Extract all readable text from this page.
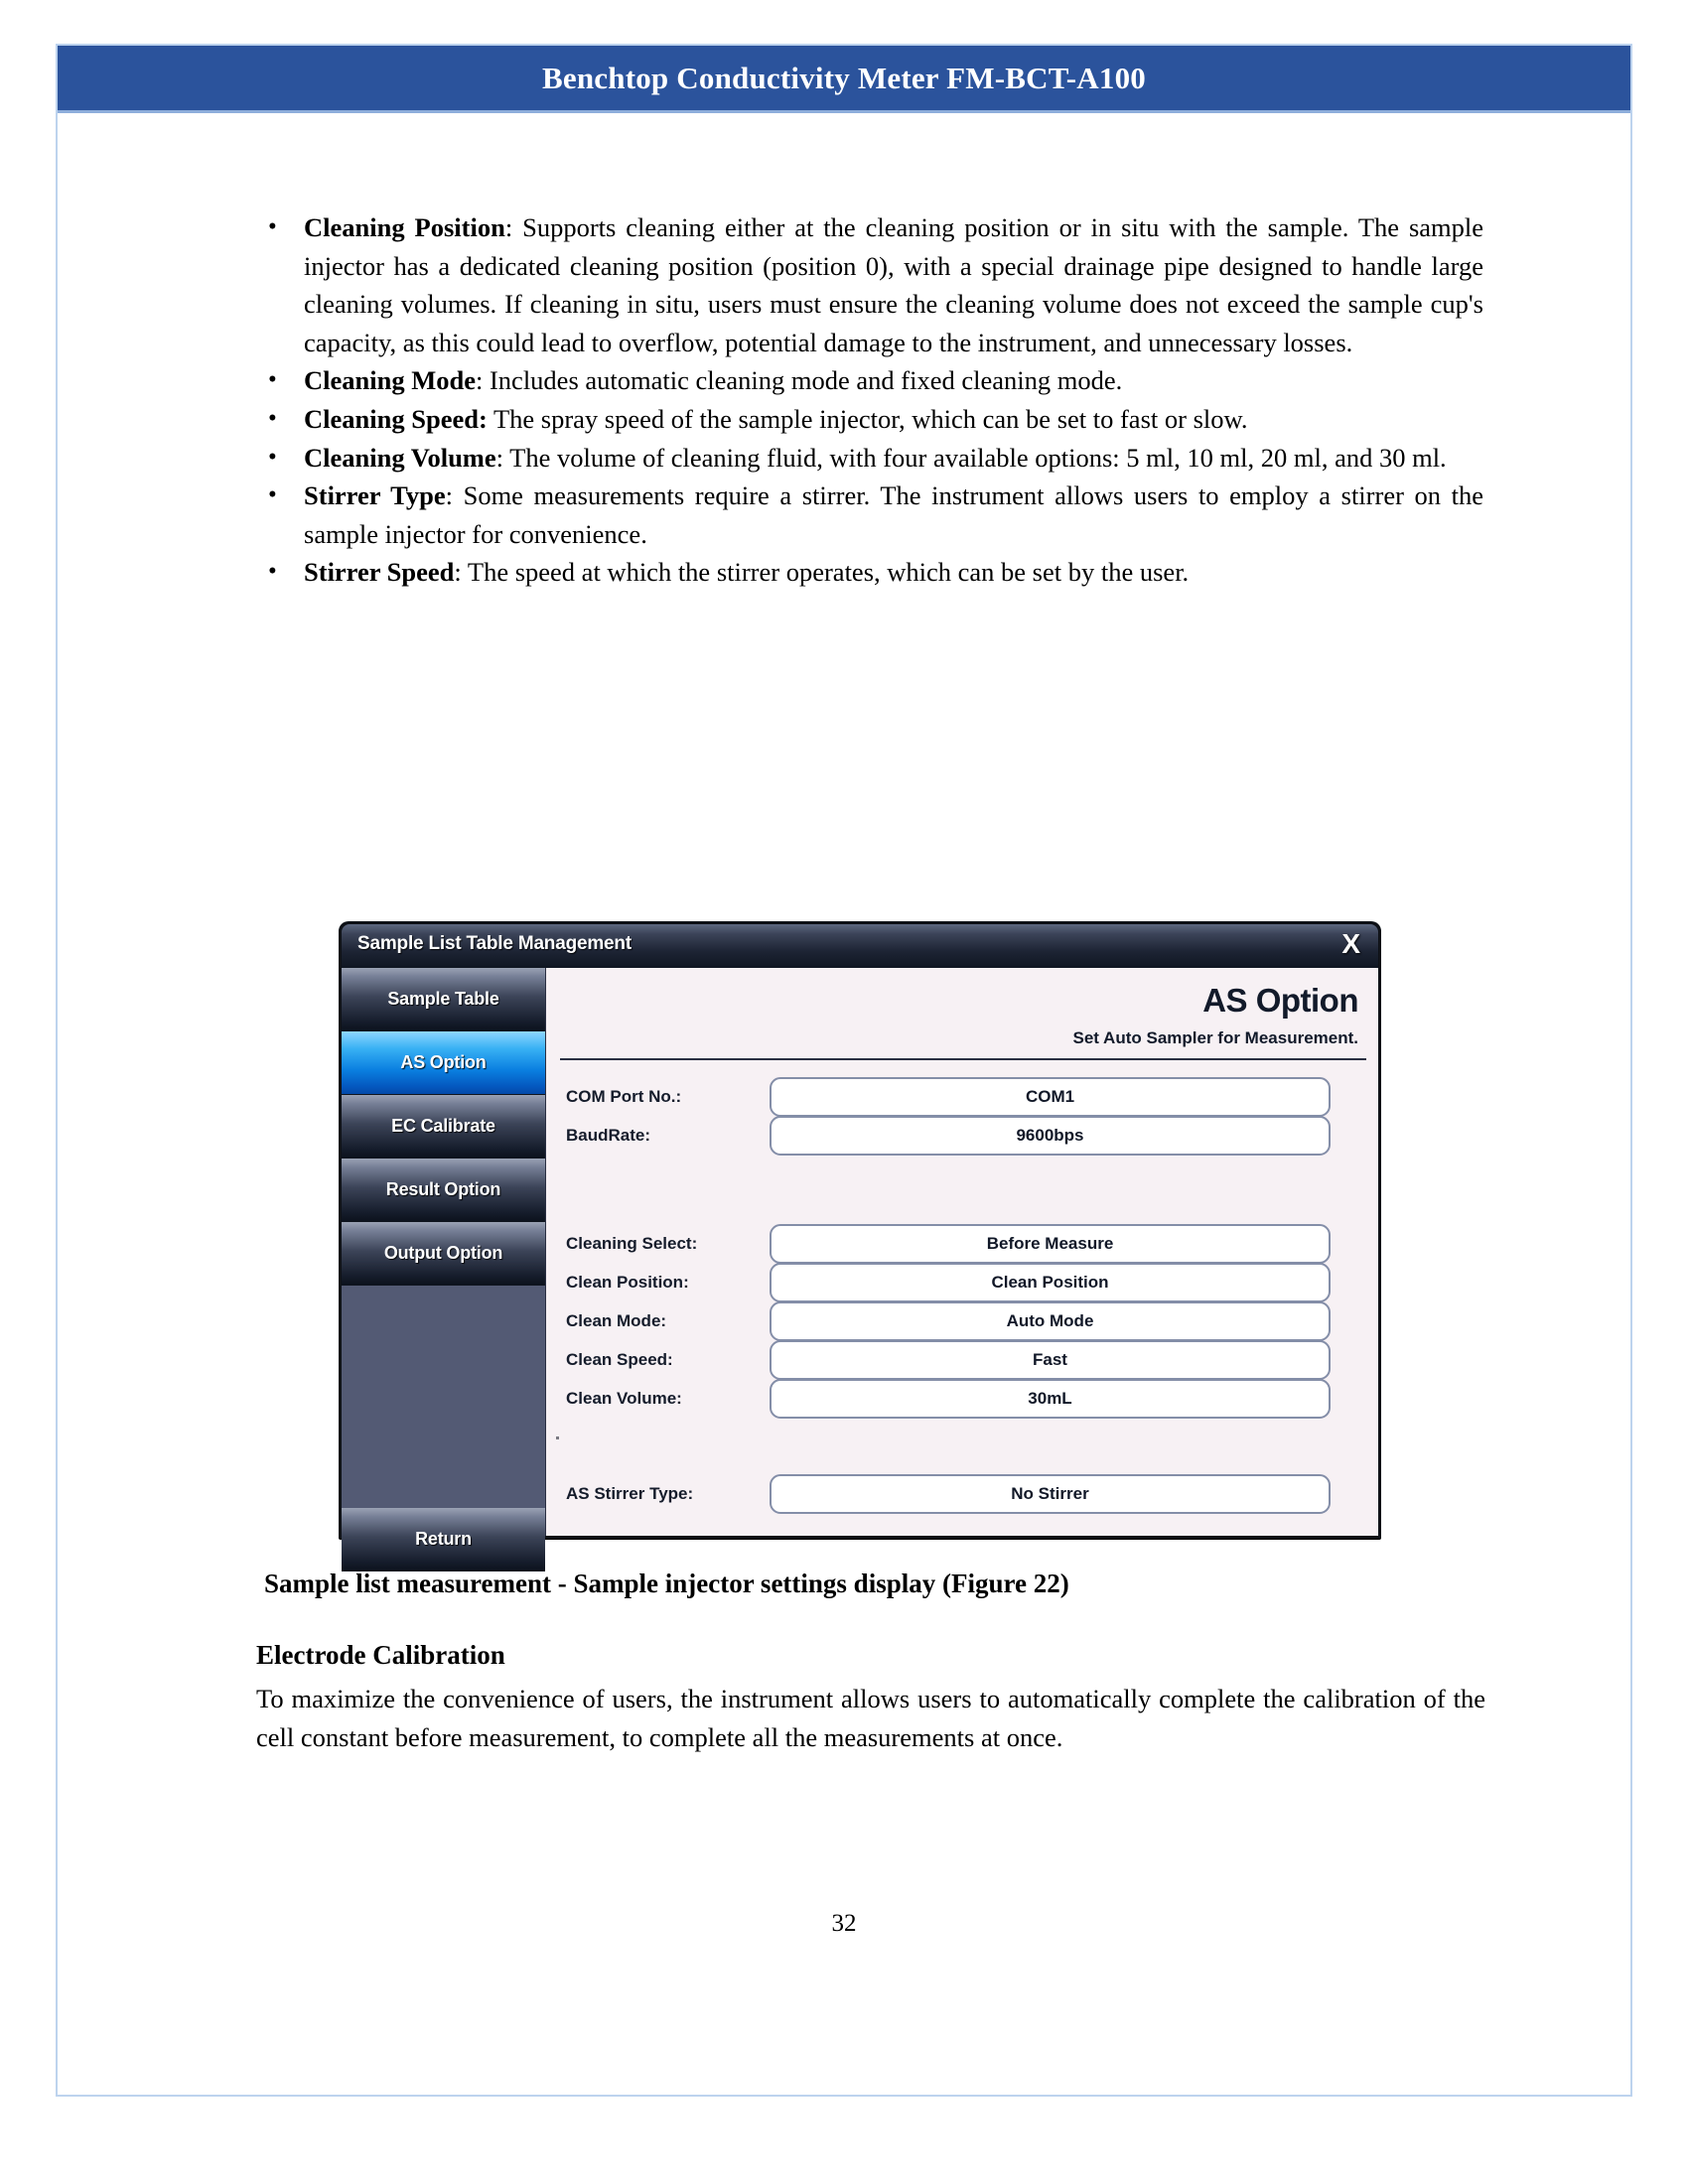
Benchtop Conductivity Meter FM-BCT-A100
•	Cleaning Position: Supports cleaning either at the cleaning position or in situ with the sample. The sample injector has a dedicated cleaning position (position 0), with a special drainage pipe designed to handle large cleaning volumes. If cleaning in situ, users must ensure the cleaning volume does not exceed the sample cup's capacity, as this could lead to overflow, potential damage to the instrument, and unnecessary losses.
•	Cleaning Mode: Includes automatic cleaning mode and fixed cleaning mode.
•	Cleaning Speed: The spray speed of the sample injector, which can be set to fast or slow.
•	Cleaning Volume: The volume of cleaning fluid, with four available options: 5 ml, 10 ml, 20 ml, and 30 ml.
•	Stirrer Type: Some measurements require a stirrer. The instrument allows users to employ a stirrer on the sample injector for convenience.
•	Stirrer Speed: The speed at which the stirrer operates, which can be set by the user.
Sample List Table Management	X
Sample Table
AS Option
EC Calibrate
Result Option
Output Option
Return
AS Option
Set Auto Sampler for Measurement.
COM Port No.:	COM1
BaudRate:	9600bps
Cleaning Select:	Before Measure
Clean Position:	Clean Position
Clean Mode:	Auto Mode
Clean Speed:	Fast
Clean Volume:	30mL
AS Stirrer Type:	No Stirrer
Sample list measurement - Sample injector settings display (Figure 22)
Electrode Calibration
To maximize the convenience of users, the instrument allows users to automatically complete the calibration of the cell constant before measurement, to complete all the measurements at once.
32
